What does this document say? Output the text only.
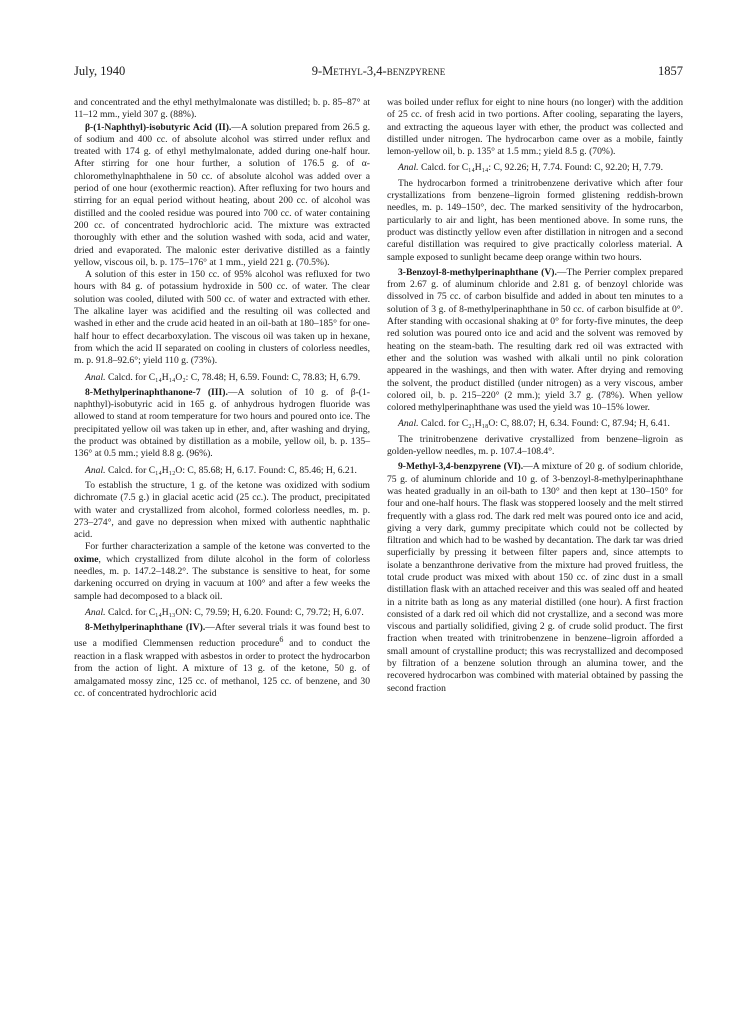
July, 1940	9-Methyl-3,4-benzpyrene	1857

and concentrated and the ethyl methylmalonate was distilled; b. p. 85–87° at 11–12 mm., yield 307 g. (88%).

β-(1-Naphthyl)-isobutyric Acid (II).—A solution prepared from 26.5 g. of sodium and 400 cc. of absolute alcohol was stirred under reflux and treated with 174 g. of ethyl methylmalonate, added during one-half hour. After stirring for one hour further, a solution of 176.5 g. of α-chloromethylnaphthalene in 50 cc. of absolute alcohol was added over a period of one hour (exothermic reaction). After refluxing for two hours and stirring for an equal period without heating, about 200 cc. of alcohol was distilled and the cooled residue was poured into 700 cc. of water containing 200 cc. of concentrated hydrochloric acid. The mixture was extracted thoroughly with ether and the solution washed with soda, acid and water, dried and evaporated. The malonic ester derivative distilled as a faintly yellow, viscous oil, b. p. 175–176° at 1 mm., yield 221 g. (70.5%).

A solution of this ester in 150 cc. of 95% alcohol was refluxed for two hours with 84 g. of potassium hydroxide in 500 cc. of water. The clear solution was cooled, diluted with 500 cc. of water and extracted with ether. The alkaline layer was acidified and the resulting oil was collected and washed in ether and the crude acid heated in an oil-bath at 180–185° for one-half hour to effect decarboxylation. The viscous oil was taken up in hexane, from which the acid II separated on cooling in clusters of colorless needles, m. p. 91.8–92.6°; yield 110 g. (73%).

Anal. Calcd. for C₁₄H₁₄O₂: C, 78.48; H, 6.59. Found: C, 78.83; H, 6.79.

8-Methylperinaphthanone-7 (III).—A solution of 10 g. of β-(1-naphthyl)-isobutyric acid in 165 g. of anhydrous hydrogen fluoride was allowed to stand at room temperature for two hours and poured onto ice. The precipitated yellow oil was taken up in ether, and, after washing and drying, the product was obtained by distillation as a mobile, yellow oil, b. p. 135–136° at 0.5 mm.; yield 8.8 g. (96%).

Anal. Calcd. for C₁₄H₁₂O: C, 85.68; H, 6.17. Found: C, 85.46; H, 6.21.

To establish the structure, 1 g. of the ketone was oxidized with sodium dichromate (7.5 g.) in glacial acetic acid (25 cc.). The product, precipitated with water and crystallized from alcohol, formed colorless needles, m. p. 273–274°, and gave no depression when mixed with authentic naphthalic acid.

For further characterization a sample of the ketone was converted to the oxime, which crystallized from dilute alcohol in the form of colorless needles, m. p. 147.2–148.2°. The substance is sensitive to heat, for some darkening occurred on drying in vacuum at 100° and after a few weeks the sample had decomposed to a black oil.

Anal. Calcd. for C₁₄H₁₃ON: C, 79.59; H, 6.20. Found: C, 79.72; H, 6.07.

8-Methylperinaphthane (IV).—After several trials it was found best to use a modified Clemmensen reduction procedure$^6$ and to conduct the reaction in a flask wrapped with asbestos in order to protect the hydrocarbon from the action of light. A mixture of 13 g. of the ketone, 50 g. of amalgamated mossy zinc, 125 cc. of methanol, 125 cc. of benzene, and 30 cc. of concentrated hydrochloric acid

was boiled under reflux for eight to nine hours (no longer) with the addition of 25 cc. of fresh acid in two portions. After cooling, separating the layers, and extracting the aqueous layer with ether, the product was collected and distilled under nitrogen. The hydrocarbon came over as a mobile, faintly lemon-yellow oil, b. p. 135° at 1.5 mm.; yield 8.5 g. (70%).

Anal. Calcd. for C₁₄H₁₄: C, 92.26; H, 7.74. Found: C, 92.20; H, 7.79.

The hydrocarbon formed a trinitrobenzene derivative which after four crystallizations from benzene–ligroin formed glistening reddish-brown needles, m. p. 149–150°, dec. The marked sensitivity of the hydrocarbon, particularly to air and light, has been mentioned above. In some runs, the product was distinctly yellow even after distillation in nitrogen and a second careful distillation was required to give practically colorless material. A sample exposed to sunlight became deep orange within two hours.

3-Benzoyl-8-methylperinaphthane (V).—The Perrier complex prepared from 2.67 g. of aluminum chloride and 2.81 g. of benzoyl chloride was dissolved in 75 cc. of carbon bisulfide and added in about ten minutes to a solution of 3 g. of 8-methylperinaphthane in 50 cc. of carbon bisulfide at 0°. After standing with occasional shaking at 0° for forty-five minutes, the deep red solution was poured onto ice and acid and the solvent was removed by heating on the steam-bath. The resulting dark red oil was extracted with ether and the solution was washed with alkali until no pink coloration appeared in the washings, and then with water. After drying and removing the solvent, the product distilled (under nitrogen) as a very viscous, amber colored oil, b. p. 215–220° (2 mm.); yield 3.7 g. (78%). When yellow colored methylperinaphthane was used the yield was 10–15% lower.

Anal. Calcd. for C₂₁H₁₈O: C, 88.07; H, 6.34. Found: C, 87.94; H, 6.41.

The trinitrobenzene derivative crystallized from benzene–ligroin as golden-yellow needles, m. p. 107.4–108.4°.

9-Methyl-3,4-benzpyrene (VI).—A mixture of 20 g. of sodium chloride, 75 g. of aluminum chloride and 10 g. of 3-benzoyl-8-methylperinaphthane was heated gradually in an oil-bath to 130° and then kept at 130–150° for four and one-half hours. The flask was stoppered loosely and the melt stirred frequently with a glass rod. The dark red melt was poured onto ice and acid, giving a very dark, gummy precipitate which could not be collected by filtration and which had to be washed by decantation. The dark tar was dried superficially by pressing it between filter papers and, since attempts to isolate a benzanthrone derivative from the mixture had proved fruitless, the total crude product was mixed with about 150 cc. of zinc dust in a small distillation flask with an attached receiver and this was sealed off and heated in a nitrite bath as long as any material distilled (one hour). A first fraction consisted of a dark red oil which did not crystallize, and a second was more viscous and partially solidified, giving 2 g. of crude solid product. The first fraction when treated with trinitrobenzene in benzene–ligroin afforded a small amount of crystalline product; this was recrystallized and decomposed by filtration of a benzene solution through an alumina tower, and the recovered hydrocarbon was combined with material obtained by passing the second fraction
